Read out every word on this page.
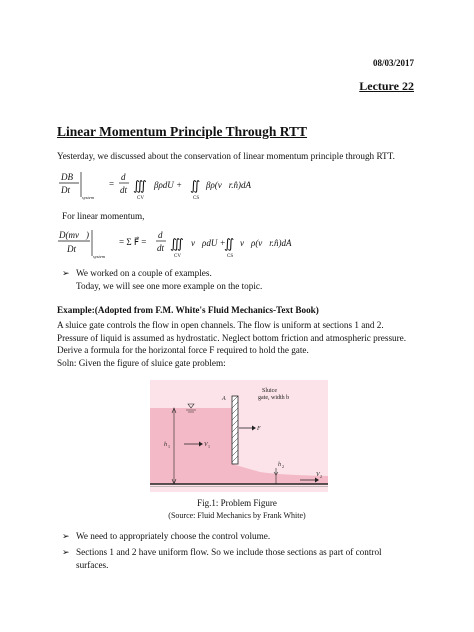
08/03/2017
Lecture 22
Linear Momentum Principle Through RTT
Yesterday, we discussed about the conservation of linear momentum principle through RTT.
DB
Dt
system
=
d
dt ∭
CV
βρdU + ∬
CS
βρ(v⃗r.n̂)dA
For linear momentum,
D(mv⃗)
Dt
system
= Σ F⃗ =
d
dt ∭
CV
v⃗ρdU +
∬
CS
v⃗ρ(v⃗r.n̂)dA
➢ We worked on a couple of examples.
Today, we will see one more example on the topic.
Example:(Adopted from F.M. White's Fluid Mechanics-Text Book)
A sluice gate controls the flow in open channels. The flow is uniform at sections 1 and 2.
Pressure of liquid is assumed as hydrostatic. Neglect bottom friction and atmospheric pressure.
Derive a formula for the horizontal force F required to hold the gate.
Soln: Given the figure of sluice gate problem:
Sluice
gate, width b
A
F
h 1	V 1
h 2
V 2
Fig.1: Problem Figure
(Source: Fluid Mechanics by Frank White)
➢ We need to appropriately choose the control volume.
➢ Sections 1 and 2 have uniform flow. So we include those sections as part of control
surfaces.
